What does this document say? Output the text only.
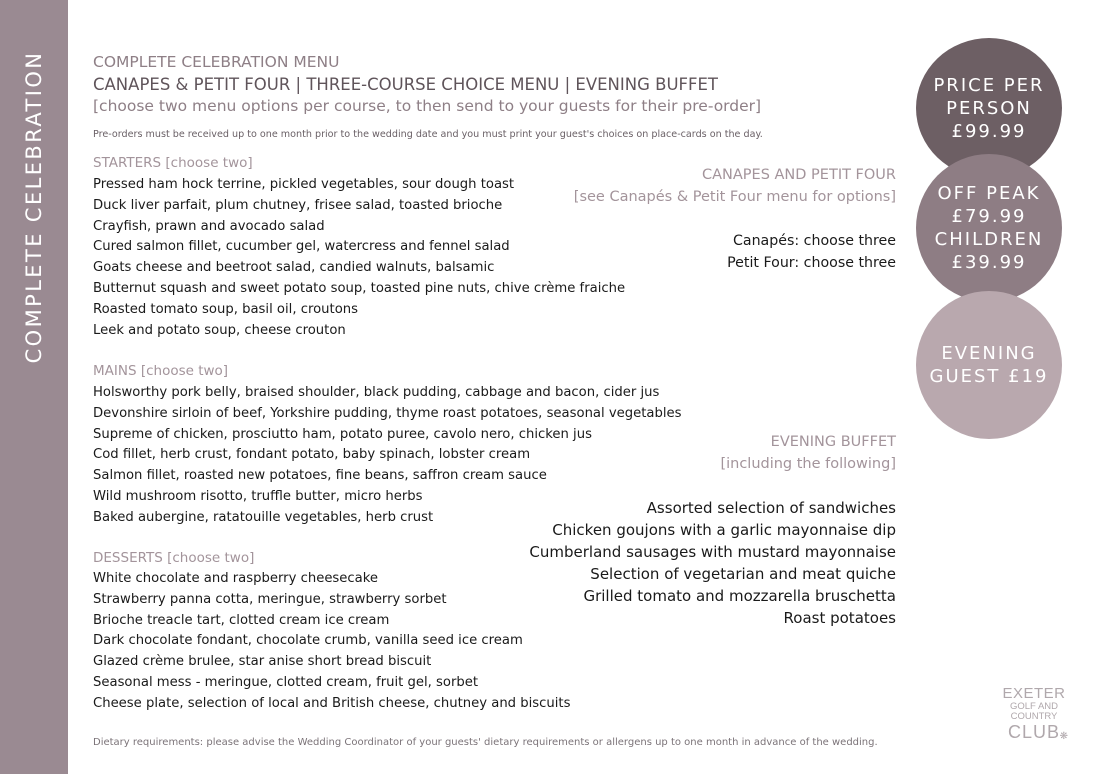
COMPLETE CELEBRATION	COMPLETE CELEBRATION MENU
CANAPES & PETIT FOUR | THREE-COURSE CHOICE MENU | EVENING BUFFET
[choose two menu options per course, to then send to your guests for their pre-order]
Pre-orders must be received up to one month prior to the wedding date and you must print your guest's choices on place-cards on the day.
STARTERS [choose two]
Pressed ham hock terrine, pickled vegetables, sour dough toast
Duck liver parfait, plum chutney, frisee salad, toasted brioche
Crayfish, prawn and avocado salad
Cured salmon fillet, cucumber gel, watercress and fennel salad
Goats cheese and beetroot salad, candied walnuts, balsamic
Butternut squash and sweet potato soup, toasted pine nuts, chive crème fraiche
Roasted tomato soup, basil oil, croutons
Leek and potato soup, cheese crouton
MAINS [choose two]
Holsworthy pork belly, braised shoulder, black pudding, cabbage and bacon, cider jus
Devonshire sirloin of beef, Yorkshire pudding, thyme roast potatoes, seasonal vegetables
Supreme of chicken, prosciutto ham, potato puree, cavolo nero, chicken jus
Cod fillet, herb crust, fondant potato, baby spinach, lobster cream
Salmon fillet, roasted new potatoes, fine beans, saffron cream sauce
Wild mushroom risotto, truffle butter, micro herbs
Baked aubergine, ratatouille vegetables, herb crust
DESSERTS [choose two]
White chocolate and raspberry cheesecake
Strawberry panna cotta, meringue, strawberry sorbet
Brioche treacle tart, clotted cream ice cream
Dark chocolate fondant, chocolate crumb, vanilla seed ice cream
Glazed crème brulee, star anise short bread biscuit
Seasonal mess - meringue, clotted cream, fruit gel, sorbet
Cheese plate, selection of local and British cheese, chutney and biscuits
CANAPES AND PETIT FOUR
[see Canapés & Petit Four menu for options]
Canapés: choose three
Petit Four: choose three
EVENING BUFFET
[including the following]
Assorted selection of sandwiches
Chicken goujons with a garlic mayonnaise dip
Cumberland sausages with mustard mayonnaise
Selection of vegetarian and meat quiche
Grilled tomato and mozzarella bruschetta
Roast potatoes
PRICE PER
PERSON
£99.99
OFF PEAK
£79.99
CHILDREN
£39.99
EVENING
GUEST £19
Dietary requirements: please advise the Wedding Coordinator of your guests' dietary requirements or allergens up to one month in advance of the wedding.
EXETER
GOLF AND
COUNTRY
CLUB ❋
